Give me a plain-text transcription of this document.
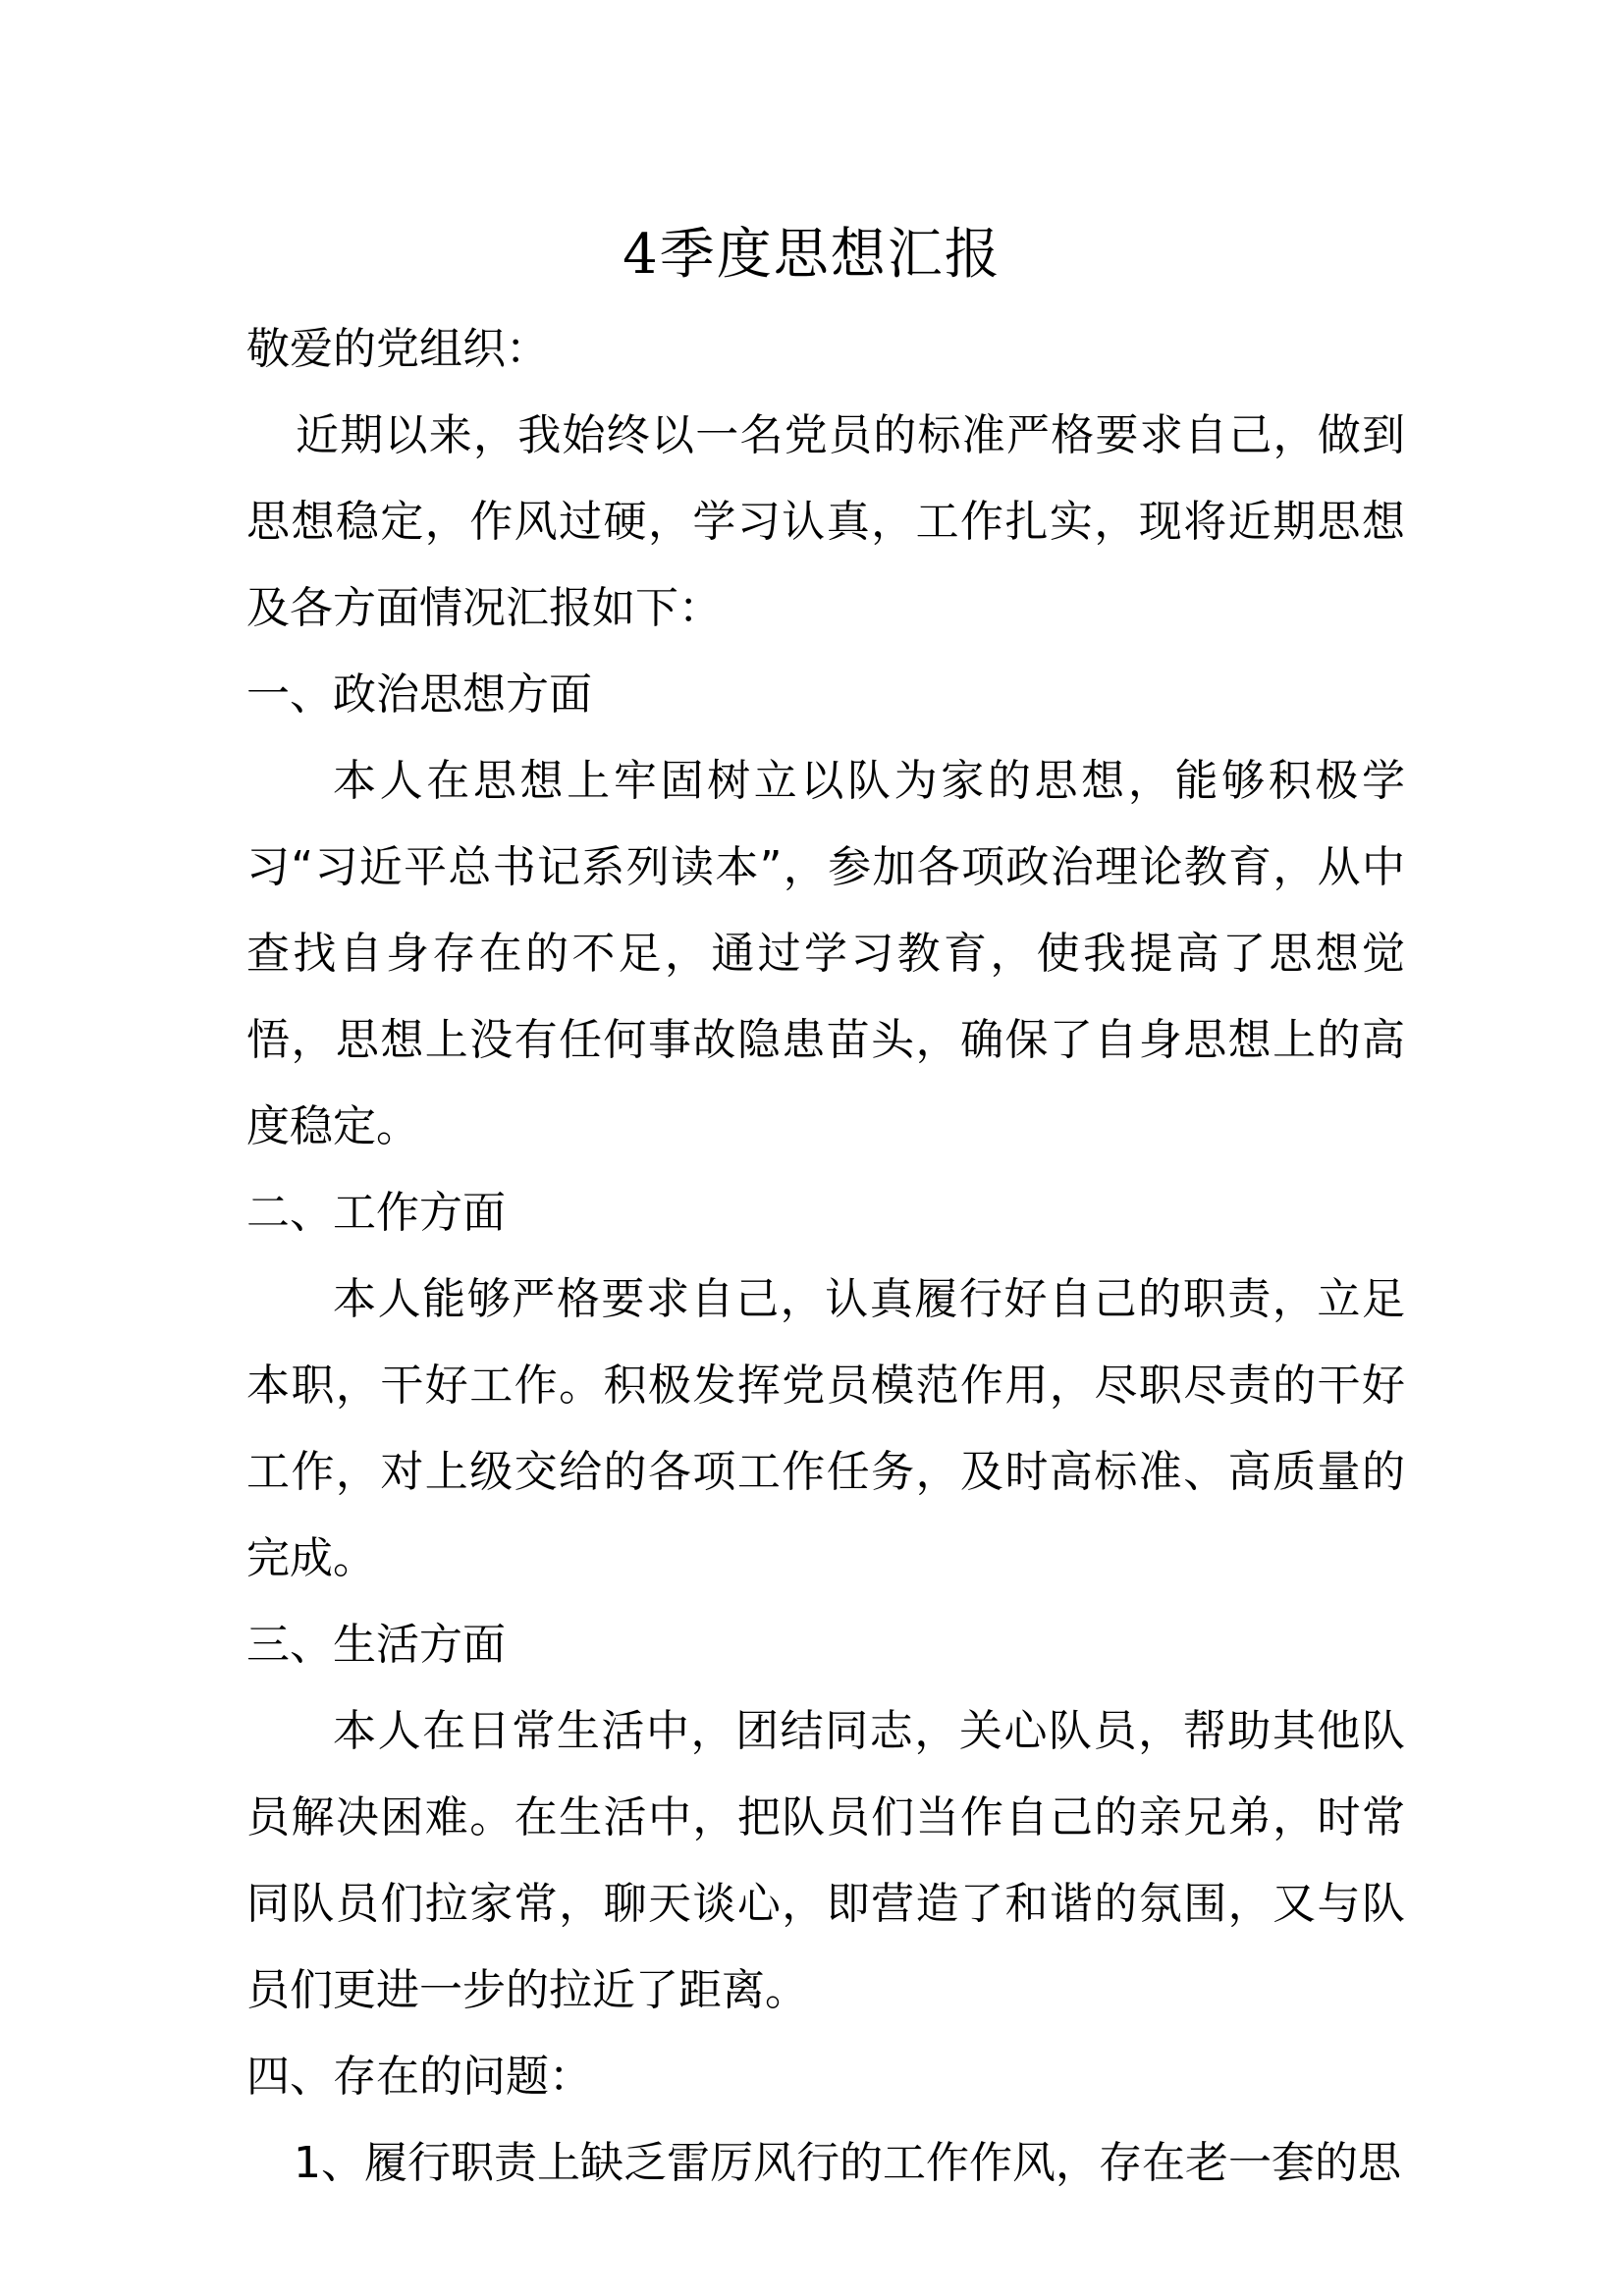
4季度思想汇报

敬爱的党组织：

近期以来，我始终以一名党员的标准严格要求自己，做到思想稳定，作风过硬，学习认真，工作扎实，现将近期思想及各方面情况汇报如下：

一、政治思想方面

本人在思想上牢固树立以队为家的思想，能够积极学习“习近平总书记系列读本”，参加各项政治理论教育，从中查找自身存在的不足，通过学习教育，使我提高了思想觉悟，思想上没有任何事故隐患苗头，确保了自身思想上的高度稳定。

二、工作方面

本人能够严格要求自己，认真履行好自己的职责，立足本职，干好工作。积极发挥党员模范作用，尽职尽责的干好工作，对上级交给的各项工作任务，及时高标准、高质量的完成。

三、生活方面

本人在日常生活中，团结同志，关心队员，帮助其他队员解决困难。在生活中，把队员们当作自己的亲兄弟，时常同队员们拉家常，聊天谈心，即营造了和谐的氛围，又与队员们更进一步的拉近了距离。

四、存在的问题：

1、履行职责上缺乏雷厉风行的工作作风，存在老一套的思
